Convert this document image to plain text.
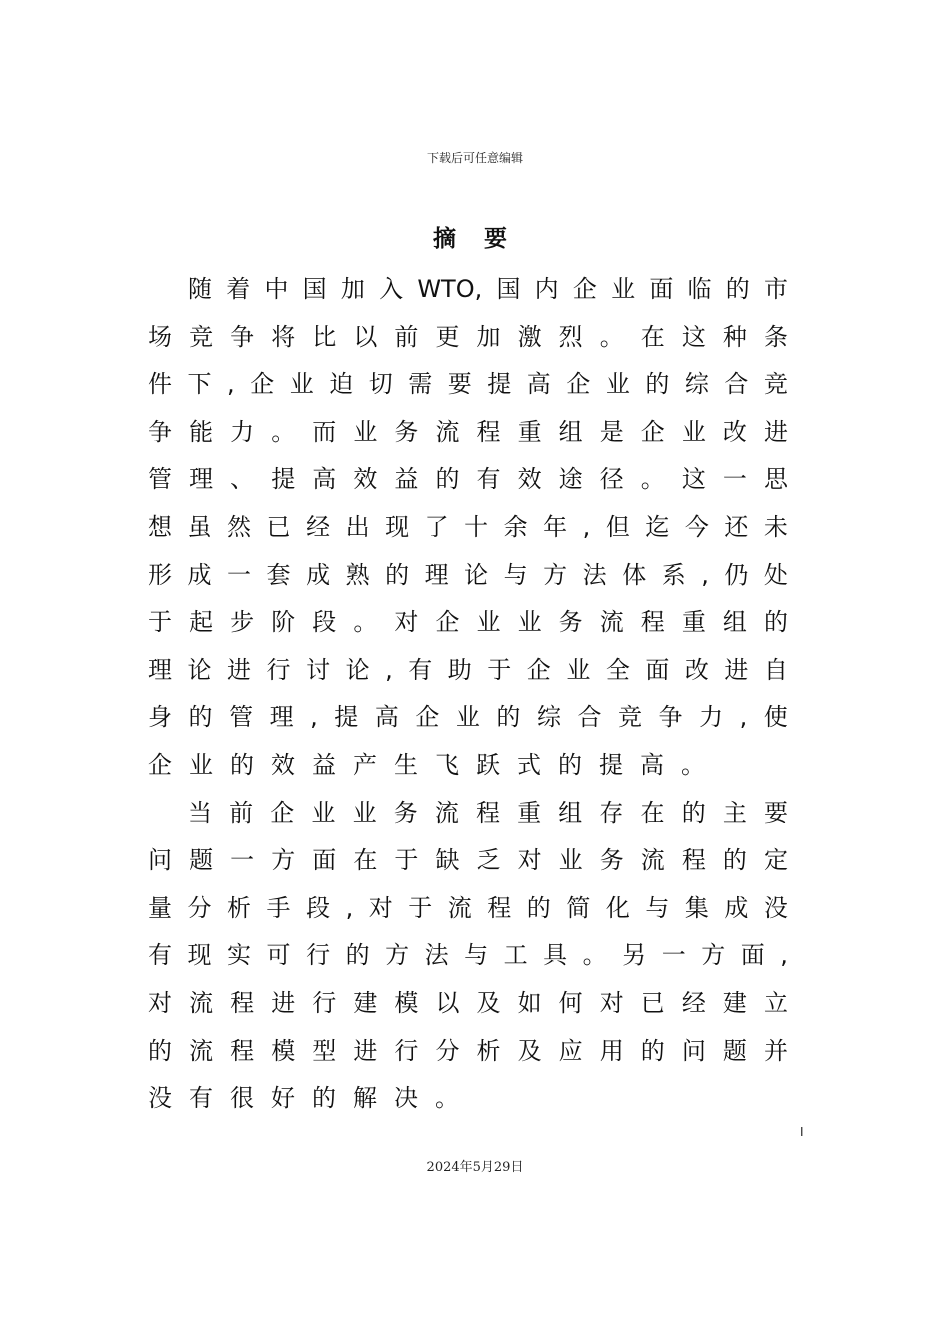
下载后可任意编辑
摘 要
随 着 中 国 加 入 WTO, 国 内 企 业 面 临 的 市
场 竞 争 将 比 以 前 更 加 激 烈 。 在 这 种 条
件 下 , 企 业 迫 切 需 要 提 高 企 业 的 综 合 竞
争 能 力 。 而 业 务 流 程 重 组 是 企 业 改 进
管 理 、 提 高 效 益 的 有 效 途 径 。 这 一 思
想 虽 然 已 经 出 现 了 十 余 年 , 但 迄 今 还 未
形 成 一 套 成 熟 的 理 论 与 方 法 体 系 , 仍 处
于 起 步 阶 段 。 对 企 业 业 务 流 程 重 组 的
理 论 进 行 讨 论 , 有 助 于 企 业 全 面 改 进 自
身 的 管 理 , 提 高 企 业 的 综 合 竞 争 力 , 使
企 业 的 效 益 产 生 飞 跃 式 的 提 高 。
当 前 企 业 业 务 流 程 重 组 存 在 的 主 要
问 题 一 方 面 在 于 缺 乏 对 业 务 流 程 的 定
量 分 析 手 段 , 对 于 流 程 的 简 化 与 集 成 没
有 现 实 可 行 的 方 法 与 工 具 。 另 一 方 面 ,
对 流 程 进 行 建 模 以 及 如 何 对 已 经 建 立
的 流 程 模 型 进 行 分 析 及 应 用 的 问 题 并
没 有 很 好 的 解 决 。
I
2024年5月29日
